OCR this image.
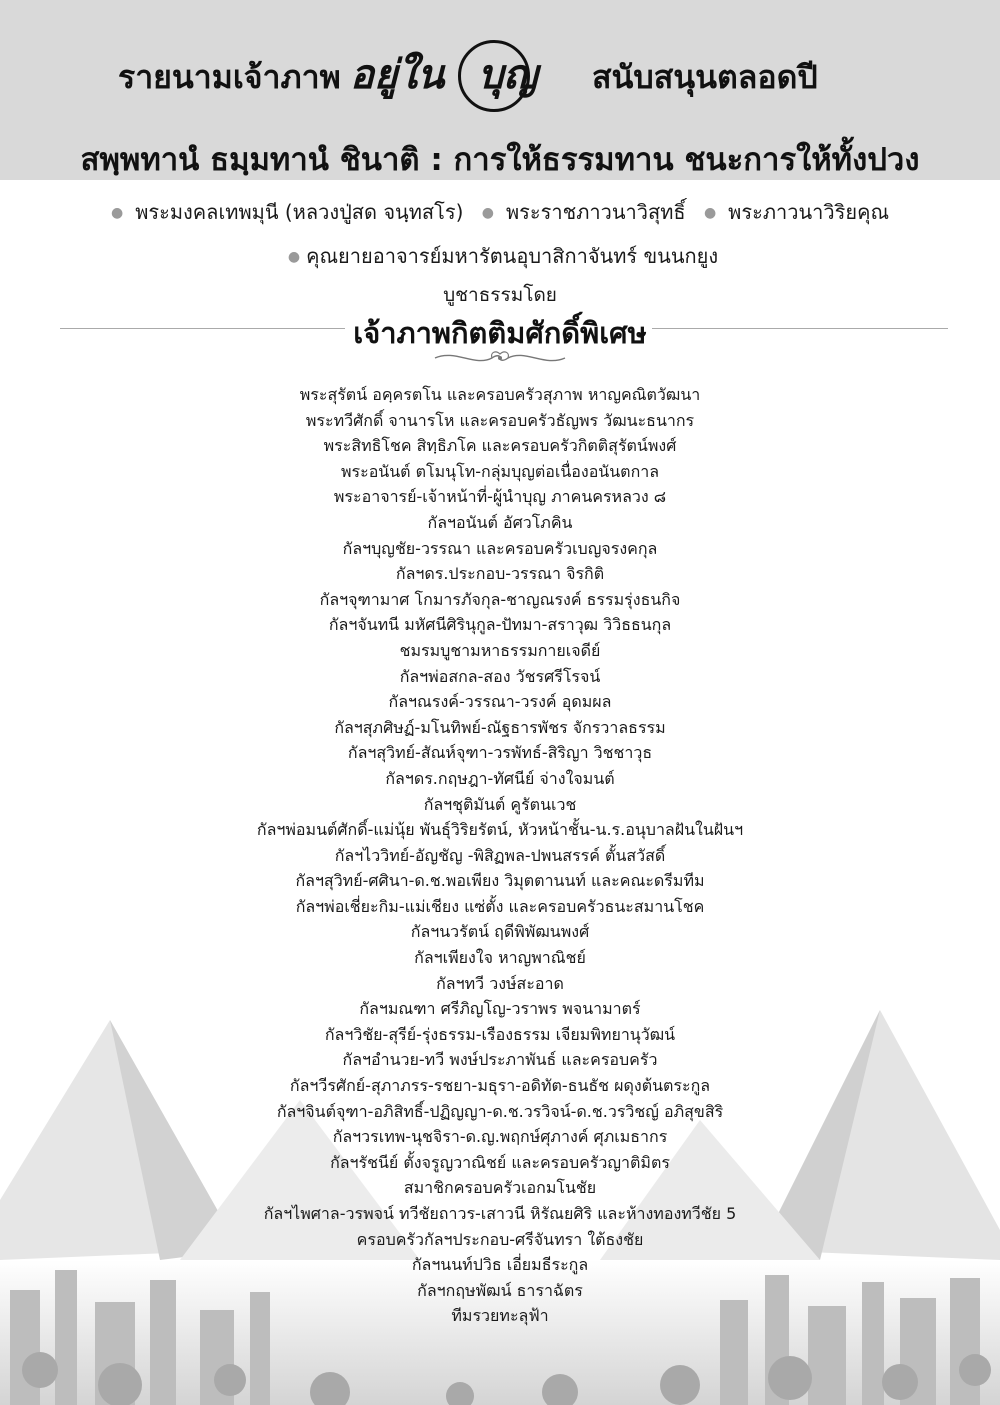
รายนามเจ้าภาพ อยู่ใน บุญ สนับสนุนตลอดปี
สพฺพทานํ ธมฺมทานํ ชินาติ : การให้ธรรมทาน ชนะการให้ทั้งปวง
● พระมงคลเทพมุนี (หลวงปู่สด จนฺทสโร) ● พระราชภาวนาวิสุทธิ์ ● พระภาวนาวิริยคุณ
● คุณยายอาจารย์มหารัตนอุบาสิกาจันทร์ ขนนกยูง
บูชาธรรมโดย
เจ้าภาพกิตติมศักดิ์พิเศษ
พระสุรัตน์ อคฺครตโน และครอบครัวสุภาพ หาญคณิตวัฒนา
พระทวีศักดิ์ จานารโห และครอบครัวธัญพร วัฒนะธนากร
พระสิทธิโชค สิทฺธิภโค และครอบครัวกิตติสุรัตน์พงศ์
พระอนันต์ ตโมนุโท-กลุ่มบุญต่อเนื่องอนันตกาล
พระอาจารย์-เจ้าหน้าที่-ผู้นำบุญ ภาคนครหลวง ๘
กัลฯอนันต์ อัศวโภคิน
กัลฯบุญชัย-วรรณา และครอบครัวเบญจรงคกุล
กัลฯดร.ประกอบ-วรรณา จิรกิติ
กัลฯจุฑามาศ โกมารภัจกุล-ชาญณรงค์ ธรรมรุ่งธนกิจ
กัลฯจันทนี มหัศนีศิรินุกูล-ปัทมา-สราวุฒ วิวิธธนกุล
ชมรมบูชามหาธรรมกายเจดีย์
กัลฯพ่อสกล-สอง วัชรศรีโรจน์
กัลฯณรงค์-วรรณา-วรงค์ อุดมผล
กัลฯสุภศิษฏ์-มโนทิพย์-ณัฐธารพัชร จักรวาลธรรม
กัลฯสุวิทย์-สัณห์จุฑา-วรพัทธ์-สิริญา วิชชาวุธ
กัลฯดร.กฤษฎา-ทัศนีย์ จ่างใจมนต์
กัลฯชุติมันต์ คูรัตนเวช
กัลฯพ่อมนต์ศักดิ์-แม่นุ้ย พันธุ์วิริยรัตน์, หัวหน้าชั้น-น.ร.อนุบาลฝันในฝันฯ
กัลฯไววิทย์-อัญชัญ -พิสิฏพล-ปพนสรรค์ ตั้นสวัสดิ์
กัลฯสุวิทย์-ศศินา-ด.ช.พอเพียง วิมุตตานนท์ และคณะดรีมทีม
กัลฯพ่อเชี่ยะกิม-แม่เชียง แซ่ตั้ง และครอบครัวธนะสมานโชค
กัลฯนวรัตน์ ฤดีพิพัฒนพงศ์
กัลฯเพียงใจ หาญพาณิชย์
กัลฯทวี วงษ์สะอาด
กัลฯมณฑา ศรีภิญโญ-วราพร พจนามาตร์
กัลฯวิชัย-สุรีย์-รุ่งธรรม-เรืองธรรม เจียมพิทยานุวัฒน์
กัลฯอำนวย-ทวี พงษ์ประภาพันธ์ และครอบครัว
กัลฯวีรศักย์-สุภาภรร-รชยา-มธุรา-อดิทัต-ธนธัช ผดุงต้นตระกูล
กัลฯจินต์จุฑา-อภิสิทธิ์-ปฏิญญา-ด.ช.วรวิจน์-ด.ช.วรวิชญ์ อภิสุขสิริ
กัลฯวรเทพ-นุชจิรา-ด.ญ.พฤกษ์ศุภางค์ ศุภเมธากร
กัลฯรัชนีย์ ตั้งจรูญวาณิชย์ และครอบครัวญาติมิตร
สมาชิกครอบครัวเอกมโนชัย
กัลฯไพศาล-วรพจน์ ทวีชัยถาวร-เสาวนี หิรัณยศิริ และห้างทองทวีชัย 5
ครอบครัวกัลฯประกอบ-ศรีจันทรา ใต้ธงชัย
กัลฯนนท์ปวิธ เอี่ยมธีระกูล
กัลฯกฤษพัฒน์ ธาราฉัตร
ทีมรวยทะลุฟ้า
